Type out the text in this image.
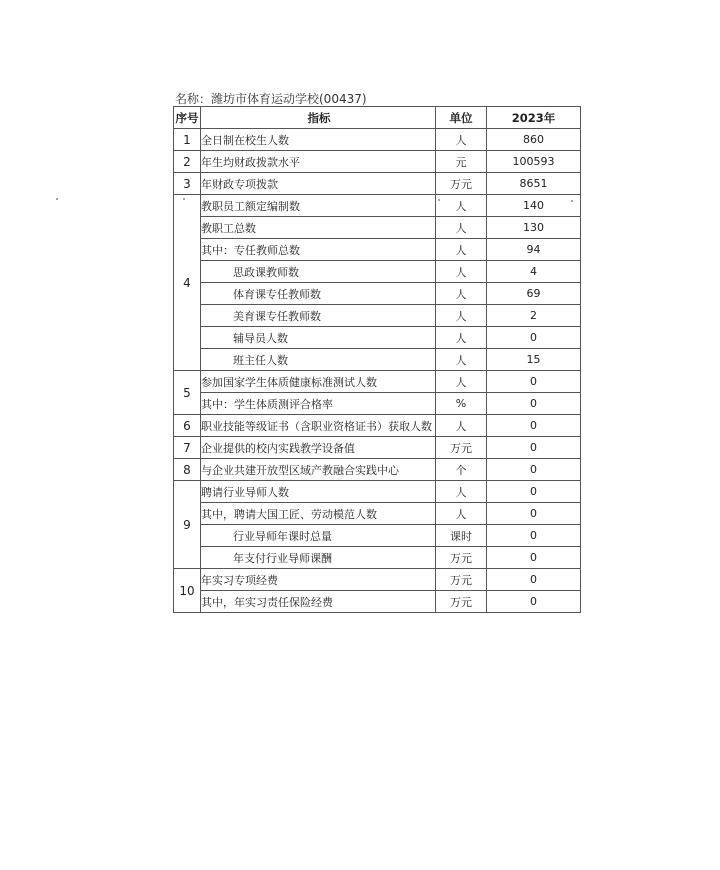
名称：潍坊市体育运动学校(00437)
序号	指标	单位	2023年
1	全日制在校生人数	人	860
2	年生均财政拨款水平	元	100593
3	年财政专项拨款	万元	8651
4	教职员工额定编制数	人	140
	教职工总数	人	130
	其中：专任教师总数	人	94
	思政课教师数	人	4
	体育课专任教师数	人	69
	美育课专任教师数	人	2
	辅导员人数	人	0
	班主任人数	人	15
5	参加国家学生体质健康标准测试人数	人	0
	其中：学生体质测评合格率	%	0
6	职业技能等级证书（含职业资格证书）获取人数	人	0
7	企业提供的校内实践教学设备值	万元	0
8	与企业共建开放型区域产教融合实践中心	个	0
9	聘请行业导师人数	人	0
	其中，聘请大国工匠、劳动模范人数	人	0
	行业导师年课时总量	课时	0
	年支付行业导师课酬	万元	0
10	年实习专项经费	万元	0
	其中，年实习责任保险经费	万元	0
